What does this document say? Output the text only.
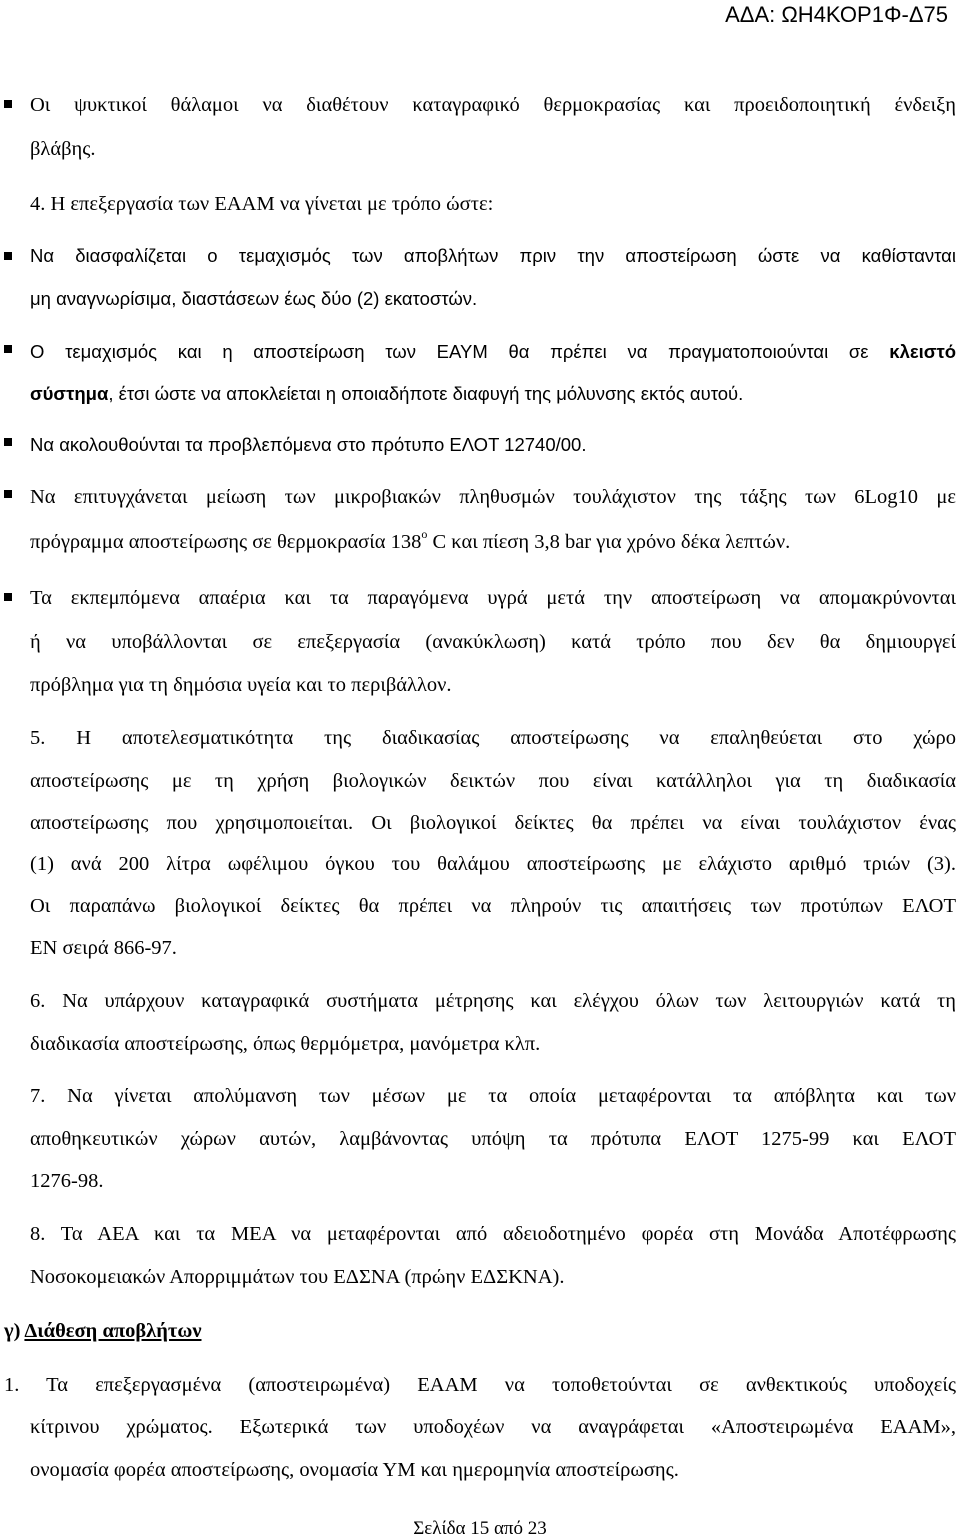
ΑΔΑ: ΩΗ4ΚΟΡ1Φ-Δ75
Οι ψυκτικοί θάλαμοι να διαθέτουν καταγραφικό θερμοκρασίας και προειδοποιητική ένδειξη
βλάβης.
4. Η επεξεργασία των ΕΑΑΜ να γίνεται με τρόπο ώστε:
Να διασφαλίζεται ο τεμαχισμός των αποβλήτων πριν την αποστείρωση ώστε να καθίστανται
μη αναγνωρίσιμα, διαστάσεων έως δύο (2) εκατοστών.
Ο τεμαχισμός και η αποστείρωση των ΕΑΥΜ θα πρέπει να πραγματοποιούνται σε κλειστό
σύστημα, έτσι ώστε να αποκλείεται η οποιαδήποτε διαφυγή της μόλυνσης εκτός αυτού.
Να ακολουθούνται τα προβλεπόμενα στο πρότυπο ΕΛΟΤ 12740/00.
Να επιτυγχάνεται μείωση των μικροβιακών πληθυσμών τουλάχιστον της τάξης των 6Log10 με
πρόγραμμα αποστείρωσης σε θερμοκρασία $138^o$ C και πίεση 3,8 bar για χρόνο δέκα λεπτών.
Τα εκπεμπόμενα απαέρια και τα παραγόμενα υγρά μετά την αποστείρωση να απομακρύνονται
ή να υποβάλλονται σε επεξεργασία (ανακύκλωση) κατά τρόπο που δεν θα δημιουργεί
πρόβλημα για τη δημόσια υγεία και το περιβάλλον.
5. Η αποτελεσματικότητα της διαδικασίας αποστείρωσης να επαληθεύεται στο χώρο
αποστείρωσης με τη χρήση βιολογικών δεικτών που είναι κατάλληλοι για τη διαδικασία
αποστείρωσης που χρησιμοποιείται. Οι βιολογικοί δείκτες θα πρέπει να είναι τουλάχιστον ένας
(1) ανά 200 λίτρα ωφέλιμου όγκου του θαλάμου αποστείρωσης με ελάχιστο αριθμό τριών (3).
Οι παραπάνω βιολογικοί δείκτες θα πρέπει να πληρούν τις απαιτήσεις των προτύπων ΕΛΟΤ
ΕΝ σειρά 866-97.
6. Να υπάρχουν καταγραφικά συστήματα μέτρησης και ελέγχου όλων των λειτουργιών κατά τη
διαδικασία αποστείρωσης, όπως θερμόμετρα, μανόμετρα κλπ.
7. Να γίνεται απολύμανση των μέσων με τα οποία μεταφέρονται τα απόβλητα και των
αποθηκευτικών χώρων αυτών, λαμβάνοντας υπόψη τα πρότυπα ΕΛΟΤ 1275-99 και ΕΛΟΤ
1276-98.
8. Τα ΑΕΑ και τα ΜΕΑ να μεταφέρονται από αδειοδοτημένο φορέα στη Μονάδα Αποτέφρωσης
Νοσοκομειακών Απορριμμάτων του ΕΔΣΝΑ (πρώην ΕΔΣΚΝΑ).
γ) Διάθεση αποβλήτων
1. Τα επεξεργασμένα (αποστειρωμένα) ΕΑΑΜ να τοποθετούνται σε ανθεκτικούς υποδοχείς
κίτρινου χρώματος. Εξωτερικά των υποδοχέων να αναγράφεται «Αποστειρωμένα ΕΑΑΜ»,
ονομασία φορέα αποστείρωσης, ονομασία ΥΜ και ημερομηνία αποστείρωσης.
Σελίδα 15 από 23
